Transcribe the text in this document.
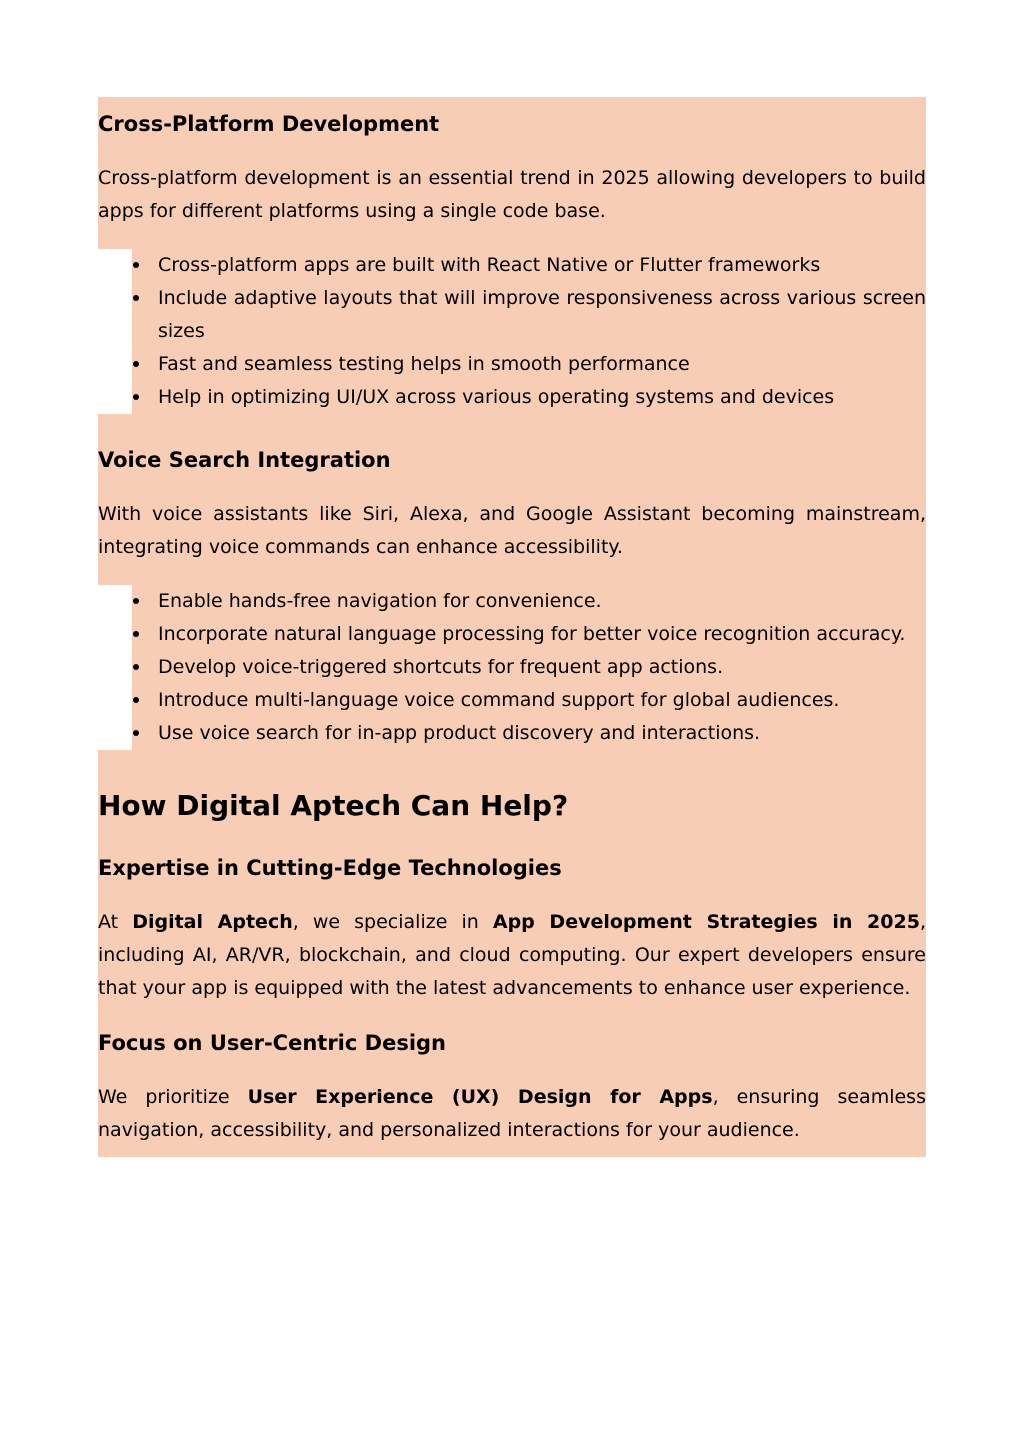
Cross-Platform Development

Cross-platform development is an essential trend in 2025 allowing developers to build apps for different platforms using a single code base.

Cross-platform apps are built with React Native or Flutter frameworks
Include adaptive layouts that will improve responsiveness across various screen sizes
Fast and seamless testing helps in smooth performance
Help in optimizing UI/UX across various operating systems and devices
Voice Search Integration

With voice assistants like Siri, Alexa, and Google Assistant becoming mainstream, integrating voice commands can enhance accessibility.

Enable hands-free navigation for convenience.
Incorporate natural language processing for better voice recognition accuracy.
Develop voice-triggered shortcuts for frequent app actions.
Introduce multi-language voice command support for global audiences.
Use voice search for in-app product discovery and interactions.
How Digital Aptech Can Help?
Expertise in Cutting-Edge Technologies

At Digital Aptech, we specialize in App Development Strategies in 2025, including AI, AR/VR, blockchain, and cloud computing. Our expert developers ensure that your app is equipped with the latest advancements to enhance user experience.

Focus on User-Centric Design

We prioritize User Experience (UX) Design for Apps, ensuring seamless navigation, accessibility, and personalized interactions for your audience.
